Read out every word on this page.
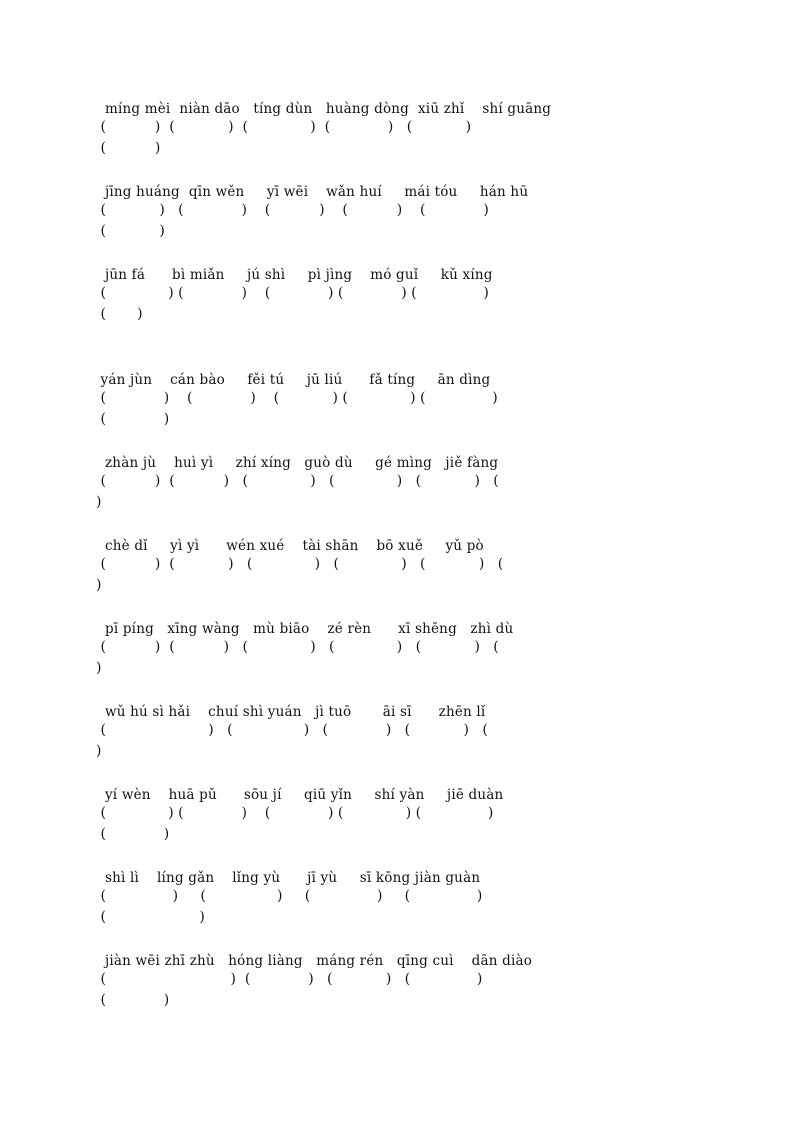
míng mèi  niàn dāo   tíng dùn   huàng dòng  xiū zhǐ    shí guāng
(           )  (            )  (              )  (             )   (            )
(           )
jīng huáng  qīn wěn     yī wēi    wǎn huí     mái tóu     hán hū
(            )   (             )    (           )    (           )    (             )
(            )
jūn fá      bì miǎn     jú shì     pì jìng    mó guǐ     kǔ xíng
(              ) (             )    (             ) (             ) (               )
(       )
yán jùn    cán bào     fěi tú     jū liú      fǎ tíng     ān dìng
(             )    (             )    (            ) (              ) (               )
(             )
zhàn jù    huì yì     zhí xíng   guò dù     gé mìng   jiě fàng
(           )  (           )   (              )   (              )   (            )   (
)
chè dǐ     yì yì      wén xué    tài shān    bō xuě     yǔ pò
(           )  (            )   (              )   (              )   (            )   (
)
pī píng   xīng wàng   mù biāo    zé rèn      xī shēng   zhì dù
(           )  (           )   (              )   (              )   (            )   (
)
wǔ hú sì hǎi    chuí shì yuán   jì tuō       āi sī      zhēn lǐ
(                       )   (                )   (             )   (            )   (
)
yí wèn    huā pǔ      sōu jí     qiū yǐn     shí yàn     jiē duàn
(              ) (             )    (             ) (              ) (               )
(             )
shì lì    líng gǎn    lǐng yù      jī yù     sī kōng jiàn guàn
(               )     (                )     (               )     (               )
(                     )
jiàn wēi zhī zhù   hóng liàng   máng rén   qīng cuì    dān diào
(                            )  (             )   (            )   (               )
(             )
